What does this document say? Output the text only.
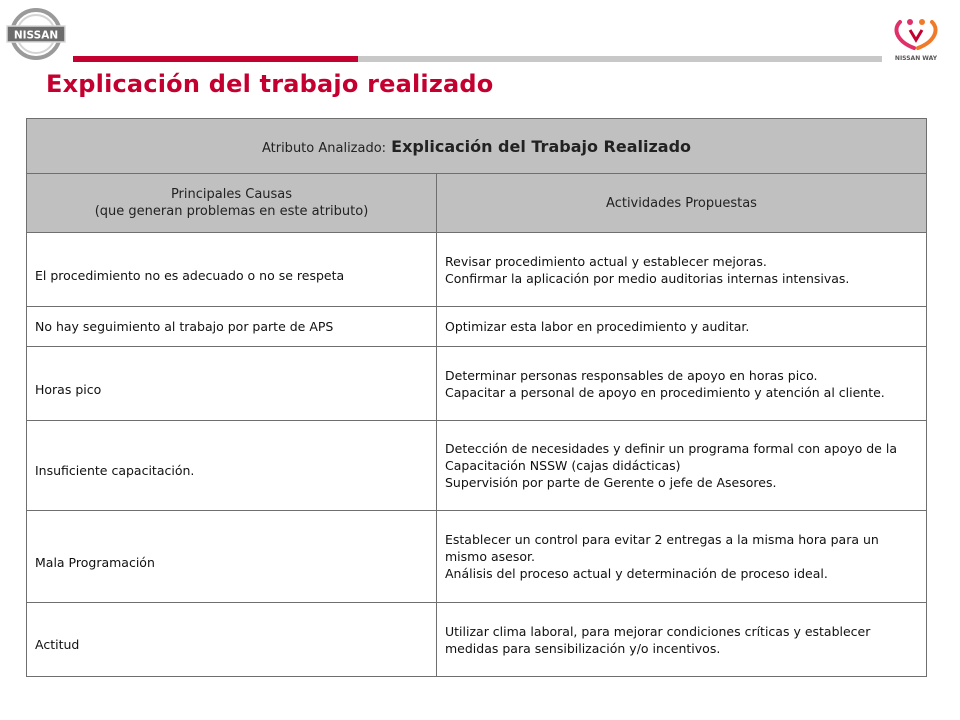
NISSAN
NISSAN WAY
Explicación del trabajo realizado
Atributo Analizado: Explicación del Trabajo Realizado	

Principales Causas
(que generan problemas en este atributo)	Actividades Propuestas
El procedimiento no es adecuado o no se respeta	Revisar procedimiento actual y establecer mejoras.
Confirmar la aplicación por medio auditorias internas intensivas.

No hay seguimiento al trabajo por parte de APS	Optimizar esta labor en procedimiento y auditar.

Horas pico	Determinar personas responsables de apoyo en horas pico.
Capacitar a personal de apoyo en procedimiento y atención al cliente.

Insuficiente capacitación.	Detección de necesidades y definir un programa formal con apoyo de la Capacitación NSSW (cajas didácticas)
Supervisión por parte de Gerente o jefe de Asesores.

Mala Programación	Establecer un control para evitar 2 entregas a la misma hora para un mismo asesor.
Análisis del proceso actual y determinación de proceso ideal.

Actitud	Utilizar clima laboral, para mejorar condiciones críticas y establecer medidas para sensibilización y/o incentivos.
